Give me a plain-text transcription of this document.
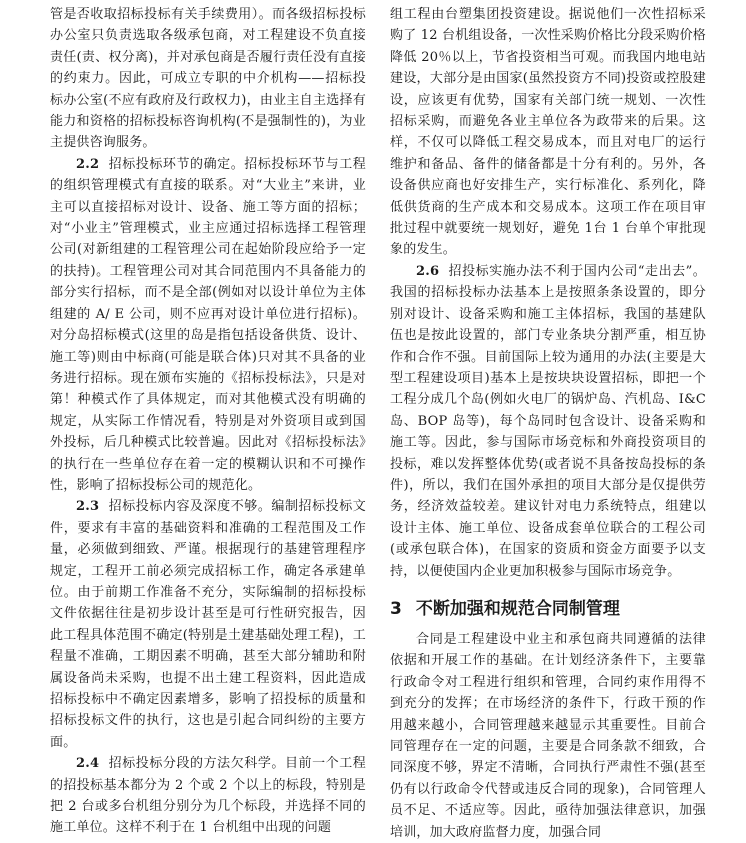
管是否收取招标投标有关手续费用）。而各级招标投标办公室只负责选取各级承包商，对工程建设不负直接责任(责、权分离)，并对承包商是否履行责任没有直接的约束力。因此，可成立专职的中介机构——招标投标办公室(不应有政府及行政权力)，由业主自主选择有能力和资格的招标投标咨询机构(不是强制性的)，为业主提供咨询服务。

2.2 招标投标环节的确定。招标投标环节与工程的组织管理模式有直接的联系。对“大业主”来讲，业主可以直接招标对设计、设备、施工等方面的招标；对“小业主”管理模式，业主应通过招标选择工程管理公司(对新组建的工程管理公司在起始阶段应给予一定的扶持)。工程管理公司对其合同范围内不具备能力的部分实行招标，而不是全部(例如对以设计单位为主体组建的 A/ E 公司，则不应再对设计单位进行招标)。对分岛招标模式(这里的岛是指包括设备供货、设计、施工等)则由中标商(可能是联合体)只对其不具备的业务进行招标。现在颁布实施的《招标投标法》，只是对第！种模式作了具体规定，而对其他模式没有明确的规定，从实际工作情况看，特别是对外资项目或到国外投标，后几种模式比较普遍。因此对《招标投标法》的执行在一些单位存在着一定的模糊认识和不可操作性，影响了招标投标公司的规范化。

2.3 招标投标内容及深度不够。编制招标投标文件，要求有丰富的基础资料和准确的工程范围及工作量，必须做到细致、严谨。根据现行的基建管理程序规定，工程开工前必须完成招标工作，确定各承建单位。由于前期工作准备不充分，实际编制的招标投标文件依据往往是初步设计甚至是可行性研究报告，因此工程具体范围不确定(特别是土建基础处理工程)，工程量不准确，工期因素不明确，甚至大部分辅助和附属设备尚未采购，也提不出土建工程资料，因此造成招标投标中不确定因素增多，影响了招投标的质量和招标投标文件的执行，这也是引起合同纠纷的主要方面。

2.4 招标投标分段的方法欠科学。目前一个工程的招投标基本都分为 2 个或 2 个以上的标段，特别是把 2 台或多台机组分别分为几个标段，并选择不同的施工单位。这样不利于在 1 台机组中出现的问题

组工程由台塑集团投资建设。据说他们一次性招标采购了 12 台机组设备，一次性采购价格比分段采购价格降低 20％以上，节省投资相当可观。而我国内地电站建设，大部分是由国家(虽然投资方不同)投资或控股建设，应该更有优势，国家有关部门统一规划、一次性招标采购，而避免各业主单位各为政带来的后果。这样，不仅可以降低工程交易成本，而且对电厂的运行维护和备品、备件的储备都是十分有利的。另外，各设备供应商也好安排生产，实行标准化、系列化，降低供货商的生产成本和交易成本。这项工作在项目审批过程中就要统一规划好，避免 1台 1 台单个审批现象的发生。

2.6 招投标实施办法不利于国内公司“走出去”。我国的招标投标办法基本上是按照条条设置的，即分别对设计、设备采购和施工主体招标，我国的基建队伍也是按此设置的，部门专业条块分割严重，相互协作和合作不强。目前国际上较为通用的办法(主要是大型工程建设项目)基本上是按块块设置招标，即把一个工程分成几个岛(例如火电厂的锅炉岛、汽机岛、I&C 岛、BOP 岛等)，每个岛同时包含设计、设备采购和施工等。因此，参与国际市场竞标和外商投资项目的投标，难以发挥整体优势(或者说不具备按岛投标的条件)，所以，我们在国外承担的项目大部分是仅提供劳务，经济效益较差。建议针对电力系统特点，组建以设计主体、施工单位、设备成套单位联合的工程公司(或承包联合体)，在国家的资质和资金方面要予以支持，以便使国内企业更加积极参与国际市场竞争。

3 不断加强和规范合同制管理

合同是工程建设中业主和承包商共同遵循的法律依据和开展工作的基础。在计划经济条件下，主要靠行政命令对工程进行组织和管理，合同约束作用得不到充分的发挥；在市场经济的条件下，行政干预的作用越来越小，合同管理越来越显示其重要性。目前合同管理存在一定的问题，主要是合同条款不细致，合同深度不够，界定不清晰，合同执行严肃性不强(甚至仍有以行政命令代替或违反合同的现象)，合同管理人员不足、不适应等。因此，亟待加强法律意识，加强培训，加大政府监督力度，加强合同
